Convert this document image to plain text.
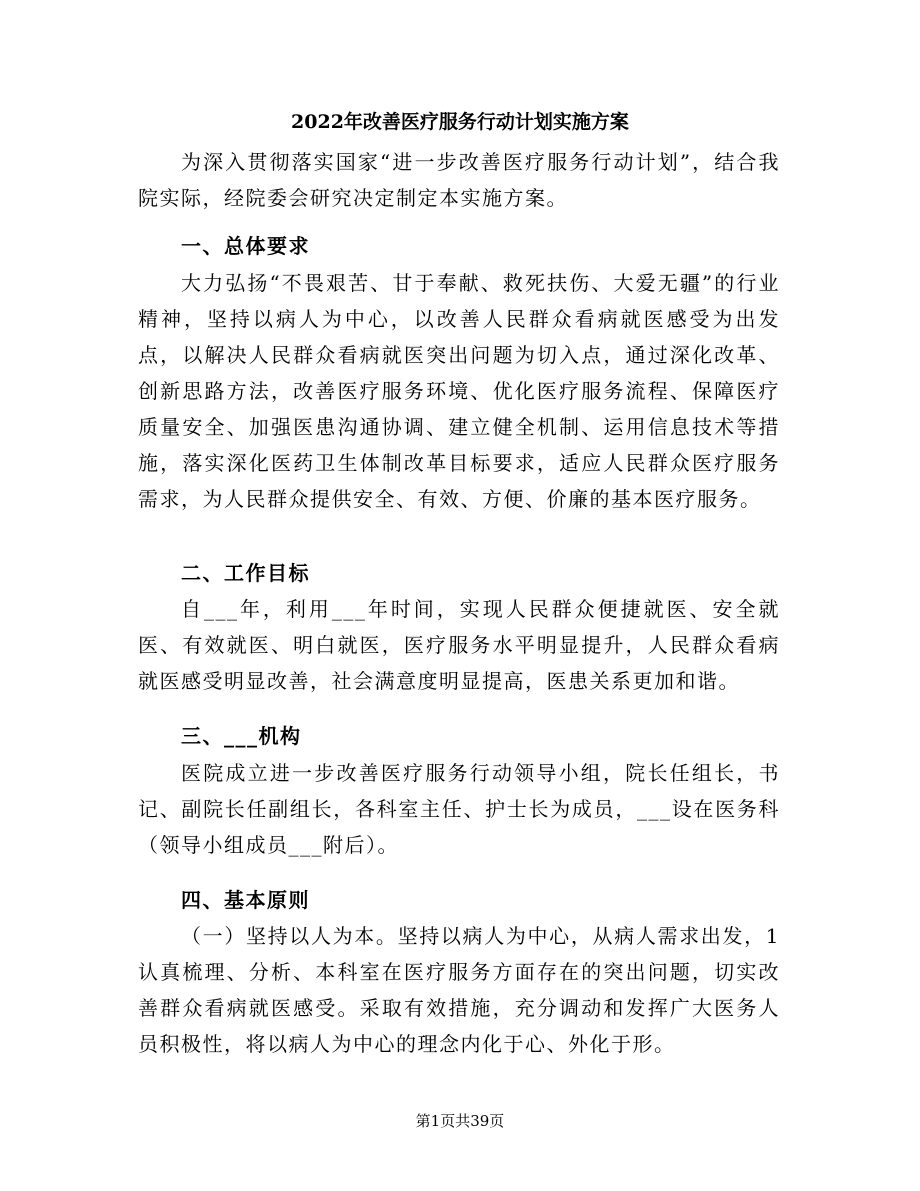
2022年改善医疗服务行动计划实施方案

为深入贯彻落实国家“进一步改善医疗服务行动计划”，结合我院实际，经院委会研究决定制定本实施方案。

一、总体要求

大力弘扬“不畏艰苦、甘于奉献、救死扶伤、大爱无疆”的行业精神，坚持以病人为中心，以改善人民群众看病就医感受为出发点，以解决人民群众看病就医突出问题为切入点，通过深化改革、创新思路方法，改善医疗服务环境、优化医疗服务流程、保障医疗质量安全、加强医患沟通协调、建立健全机制、运用信息技术等措施，落实深化医药卫生体制改革目标要求，适应人民群众医疗服务需求，为人民群众提供安全、有效、方便、价廉的基本医疗服务。

二、工作目标

自___年，利用___年时间，实现人民群众便捷就医、安全就医、有效就医、明白就医，医疗服务水平明显提升，人民群众看病就医感受明显改善，社会满意度明显提高，医患关系更加和谐。

三、___机构

医院成立进一步改善医疗服务行动领导小组，院长任组长，书记、副院长任副组长，各科室主任、护士长为成员，___设在医务科（领导小组成员___附后）。

四、基本原则

（一）坚持以人为本。坚持以病人为中心，从病人需求出发，1认真梳理、分析、本科室在医疗服务方面存在的突出问题，切实改善群众看病就医感受。采取有效措施，充分调动和发挥广大医务人员积极性，将以病人为中心的理念内化于心、外化于形。

第1页共39页
